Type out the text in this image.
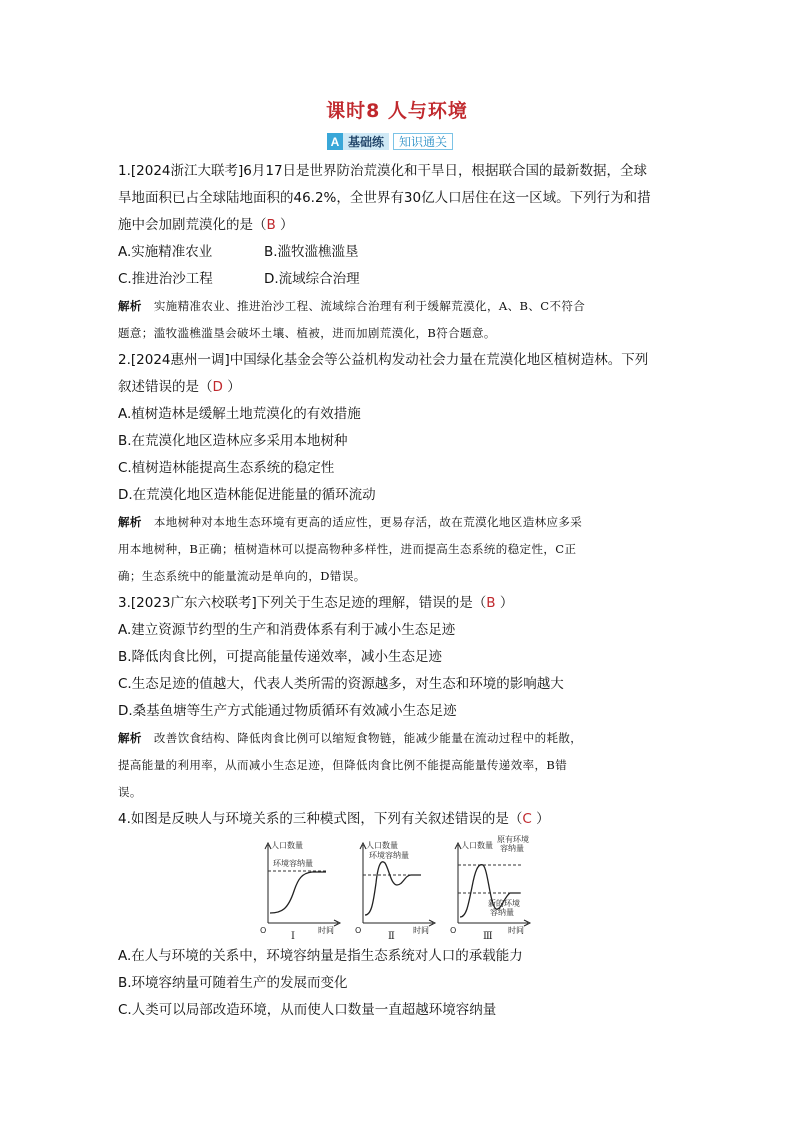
课时8 人与环境
A 基础练	知识通关
1.[2024浙江大联考]6月17日是世界防治荒漠化和干旱日，根据联合国的最新数据，全球
旱地面积已占全球陆地面积的46.2%，全世界有30亿人口居住在这一区域。下列行为和措
施中会加剧荒漠化的是（B ）
A.实施精准农业	B.滥牧滥樵滥垦
C.推进治沙工程	D.流域综合治理
解析 实施精准农业、推进治沙工程、流域综合治理有利于缓解荒漠化，A、B、C不符合
题意；滥牧滥樵滥垦会破坏土壤、植被，进而加剧荒漠化，B符合题意。
2.[2024惠州一调]中国绿化基金会等公益机构发动社会力量在荒漠化地区植树造林。下列
叙述错误的是（D ）
A.植树造林是缓解土地荒漠化的有效措施
B.在荒漠化地区造林应多采用本地树种
C.植树造林能提高生态系统的稳定性
D.在荒漠化地区造林能促进能量的循环流动
解析 本地树种对本地生态环境有更高的适应性，更易存活，故在荒漠化地区造林应多采
用本地树种，B正确；植树造林可以提高物种多样性，进而提高生态系统的稳定性，C正
确；生态系统中的能量流动是单向的，D错误。
3.[2023广东六校联考]下列关于生态足迹的理解，错误的是（B ）
A.建立资源节约型的生产和消费体系有利于减小生态足迹
B.降低肉食比例，可提高能量传递效率，减小生态足迹
C.生态足迹的值越大，代表人类所需的资源越多，对生态和环境的影响越大
D.桑基鱼塘等生产方式能通过物质循环有效减小生态足迹
解析 改善饮食结构、降低肉食比例可以缩短食物链，能减少能量在流动过程中的耗散，
提高能量的利用率，从而减小生态足迹，但降低肉食比例不能提高能量传递效率，B错
误。
4.如图是反映人与环境关系的三种模式图，下列有关叙述错误的是（C ）
人口数量
环境容纳量
O	时间
Ⅰ
人口数量
环境容纳量
O	时间
Ⅱ
人口数量
原有环境
容纳量
新的环境
容纳量
O	时间
Ⅲ
A.在人与环境的关系中，环境容纳量是指生态系统对人口的承载能力
B.环境容纳量可随着生产的发展而变化
C.人类可以局部改造环境，从而使人口数量一直超越环境容纳量
